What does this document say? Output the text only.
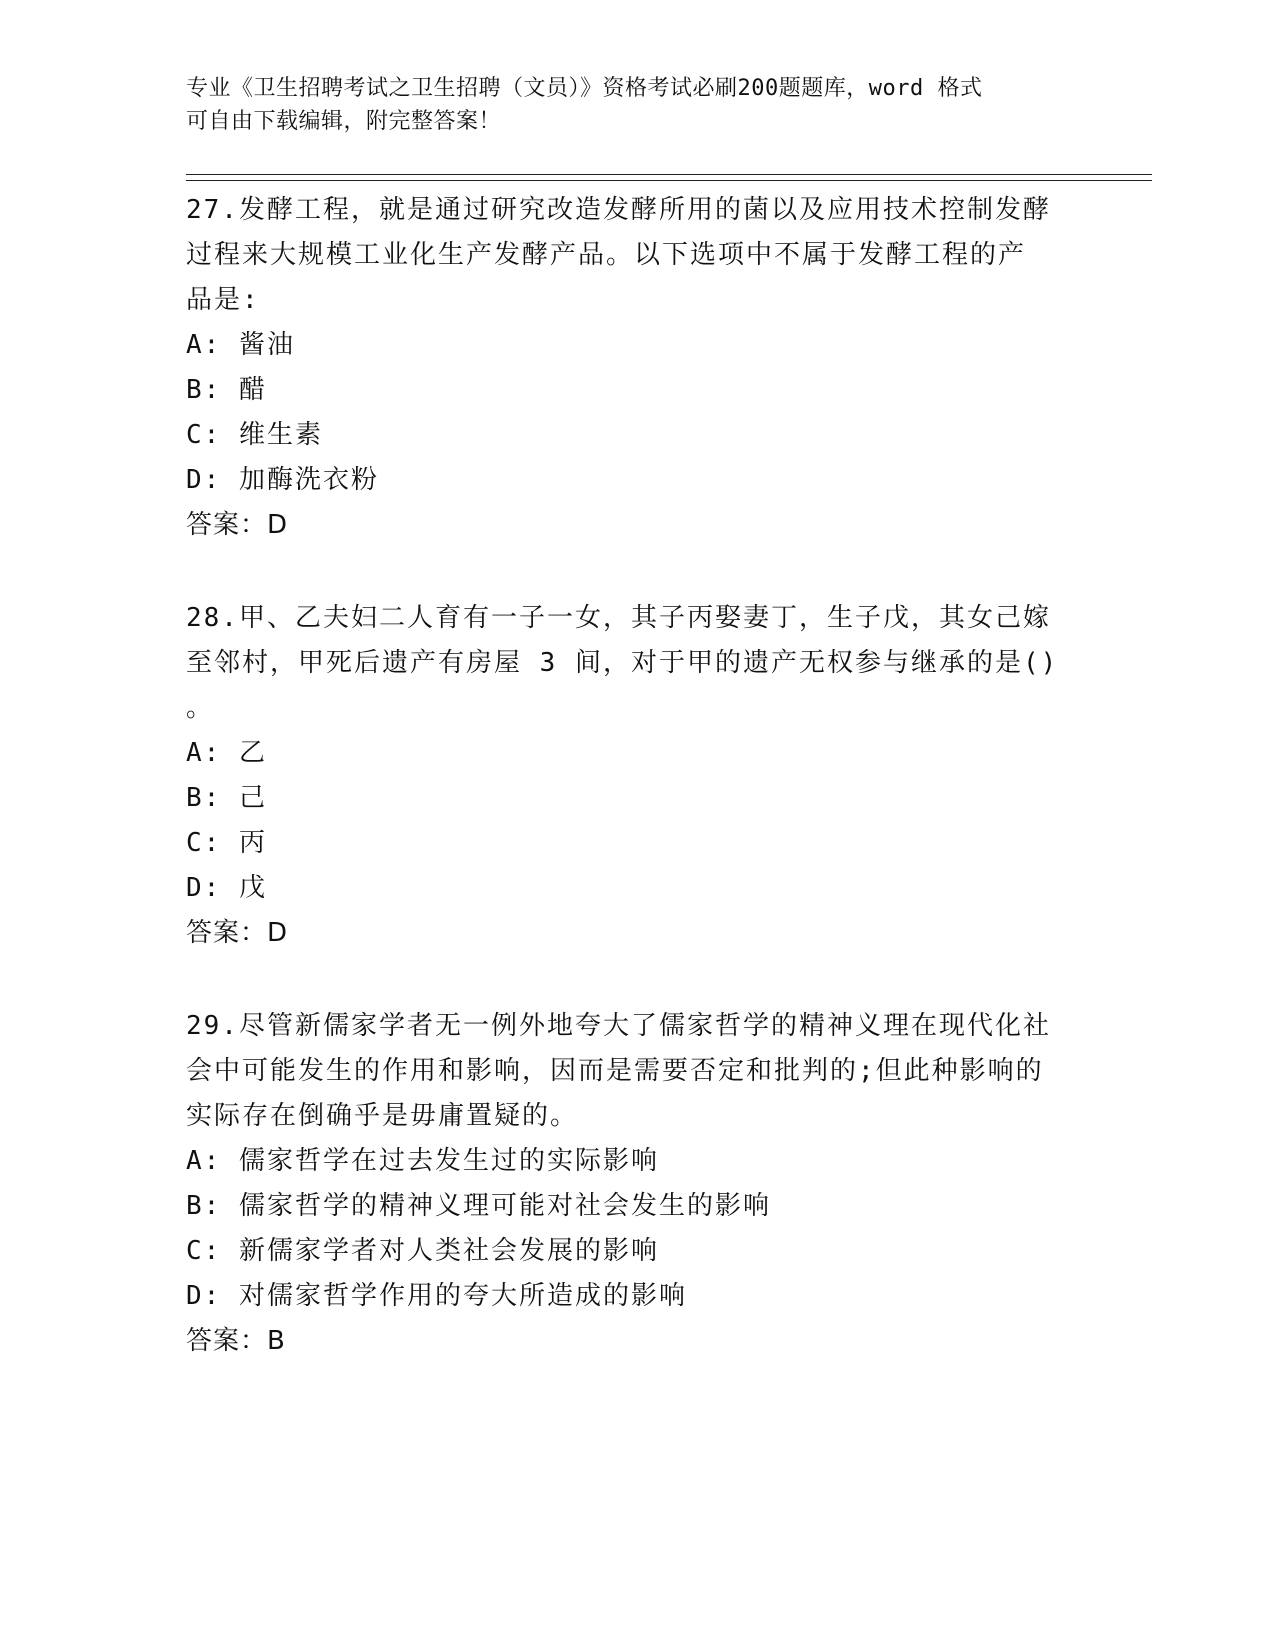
专业《卫生招聘考试之卫生招聘（文员）》资格考试必刷200题题库，word 格式
可自由下载编辑，附完整答案！
27.发酵工程，就是通过研究改造发酵所用的菌以及应用技术控制发酵
过程来大规模工业化生产发酵产品。以下选项中不属于发酵工程的产
品是:
A: 酱油
B: 醋
C: 维生素
D: 加酶洗衣粉
答案：D
28.甲、乙夫妇二人育有一子一女，其子丙娶妻丁，生子戊，其女己嫁
至邻村，甲死后遗产有房屋 3 间，对于甲的遗产无权参与继承的是()
。
A: 乙
B: 己
C: 丙
D: 戊
答案：D
29.尽管新儒家学者无一例外地夸大了儒家哲学的精神义理在现代化社
会中可能发生的作用和影响，因而是需要否定和批判的;但此种影响的
实际存在倒确乎是毋庸置疑的。
A: 儒家哲学在过去发生过的实际影响
B: 儒家哲学的精神义理可能对社会发生的影响
C: 新儒家学者对人类社会发展的影响
D: 对儒家哲学作用的夸大所造成的影响
答案：B
